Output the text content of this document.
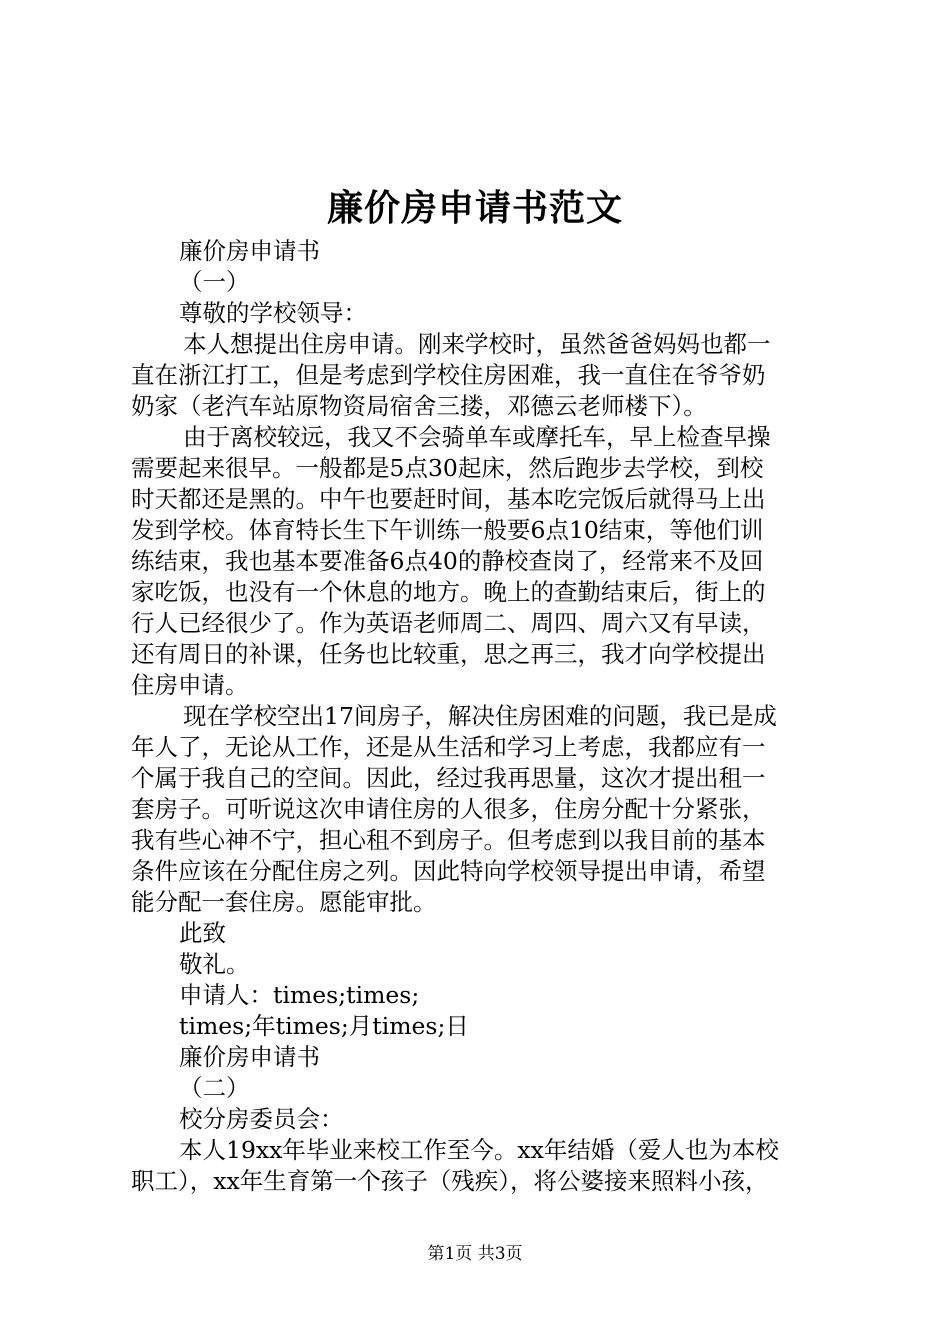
廉价房申请书范文
廉价房申请书
（一）
尊敬的学校领导：
本人想提出住房申请。刚来学校时，虽然爸爸妈妈也都一
直在浙江打工，但是考虑到学校住房困难，我一直住在爷爷奶
奶家（老汽车站原物资局宿舍三搂，邓德云老师楼下）。
由于离校较远，我又不会骑单车或摩托车，早上检查早操
需要起来很早。一般都是5点30起床，然后跑步去学校，到校
时天都还是黑的。中午也要赶时间，基本吃完饭后就得马上出
发到学校。体育特长生下午训练一般要6点10结束，等他们训
练结束，我也基本要准备6点40的静校查岗了，经常来不及回
家吃饭，也没有一个休息的地方。晚上的查勤结束后，街上的
行人已经很少了。作为英语老师周二、周四、周六又有早读，
还有周日的补课，任务也比较重，思之再三，我才向学校提出
住房申请。
现在学校空出17间房子，解决住房困难的问题，我已是成
年人了，无论从工作，还是从生活和学习上考虑，我都应有一
个属于我自己的空间。因此，经过我再思量，这次才提出租一
套房子。可听说这次申请住房的人很多，住房分配十分紧张，
我有些心神不宁，担心租不到房子。但考虑到以我目前的基本
条件应该在分配住房之列。因此特向学校领导提出申请，希望
能分配一套住房。愿能审批。
此致
敬礼。
申请人：times;times;
times;年times;月times;日
廉价房申请书
（二）
校分房委员会：
本人19xx年毕业来校工作至今。xx年结婚（爱人也为本校
职工），xx年生育第一个孩子（残疾），将公婆接来照料小孩，
第1页 共3页
